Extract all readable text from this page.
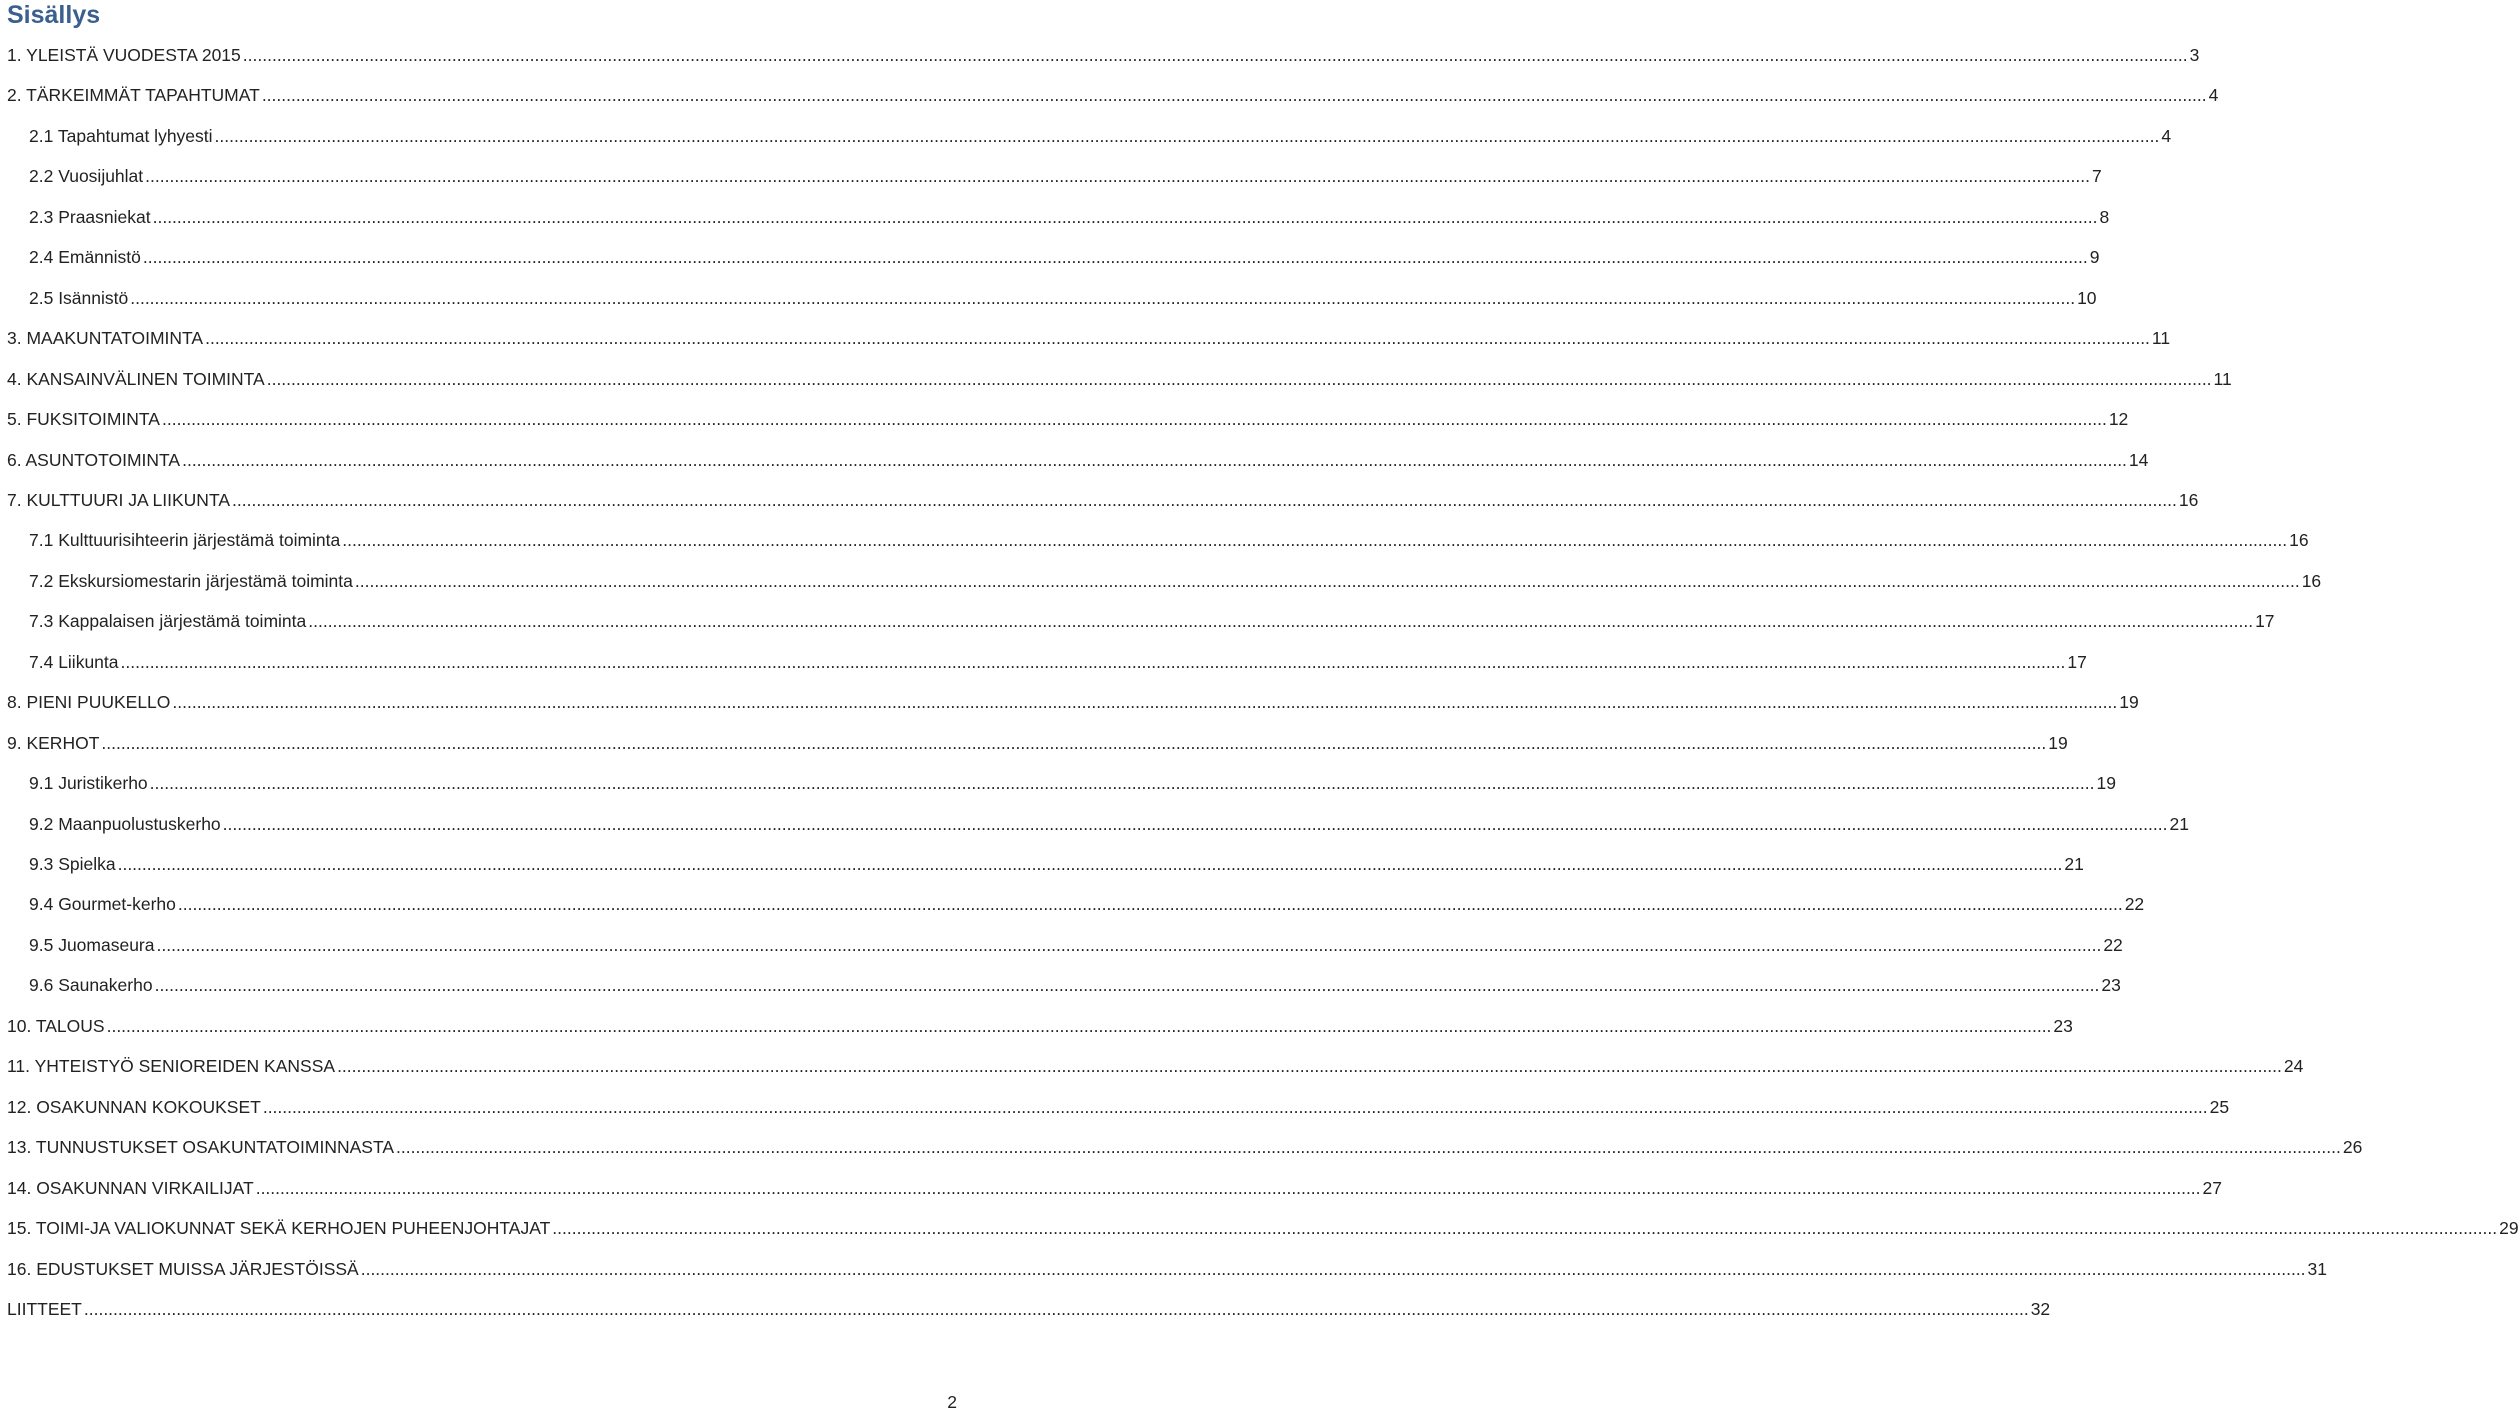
Sisällys
1. YLEISTÄ VUODESTA 2015 ................................................................................................................................................................................................................................................................................................................................................................................................................ 3
2. TÄRKEIMMÄT TAPAHTUMAT ................................................................................................................................................................................................................................................................................................................................................................................................................ 4
2.1 Tapahtumat lyhyesti ................................................................................................................................................................................................................................................................................................................................................................................................................ 4
2.2 Vuosijuhlat ................................................................................................................................................................................................................................................................................................................................................................................................................ 7
2.3 Praasniekat ................................................................................................................................................................................................................................................................................................................................................................................................................ 8
2.4 Emännistö ................................................................................................................................................................................................................................................................................................................................................................................................................ 9
2.5 Isännistö ................................................................................................................................................................................................................................................................................................................................................................................................................ 10
3. MAAKUNTATOIMINTA ................................................................................................................................................................................................................................................................................................................................................................................................................ 11
4. KANSAINVÄLINEN TOIMINTA ................................................................................................................................................................................................................................................................................................................................................................................................................ 11
5. FUKSITOIMINTA ................................................................................................................................................................................................................................................................................................................................................................................................................ 12
6. ASUNTOTOIMINTA ................................................................................................................................................................................................................................................................................................................................................................................................................ 14
7. KULTTUURI JA LIIKUNTA ................................................................................................................................................................................................................................................................................................................................................................................................................ 16
7.1 Kulttuurisihteerin järjestämä toiminta ................................................................................................................................................................................................................................................................................................................................................................................................................ 16
7.2 Ekskursiomestarin järjestämä toiminta ................................................................................................................................................................................................................................................................................................................................................................................................................ 16
7.3 Kappalaisen järjestämä toiminta ................................................................................................................................................................................................................................................................................................................................................................................................................ 17
7.4 Liikunta ................................................................................................................................................................................................................................................................................................................................................................................................................ 17
8. PIENI PUUKELLO ................................................................................................................................................................................................................................................................................................................................................................................................................ 19
9. KERHOT ................................................................................................................................................................................................................................................................................................................................................................................................................ 19
9.1 Juristikerho ................................................................................................................................................................................................................................................................................................................................................................................................................ 19
9.2 Maanpuolustuskerho ................................................................................................................................................................................................................................................................................................................................................................................................................ 21
9.3 Spielka ................................................................................................................................................................................................................................................................................................................................................................................................................ 21
9.4 Gourmet-kerho ................................................................................................................................................................................................................................................................................................................................................................................................................ 22
9.5 Juomaseura ................................................................................................................................................................................................................................................................................................................................................................................................................ 22
9.6 Saunakerho ................................................................................................................................................................................................................................................................................................................................................................................................................ 23
10. TALOUS ................................................................................................................................................................................................................................................................................................................................................................................................................ 23
11. YHTEISTYÖ SENIOREIDEN KANSSA ................................................................................................................................................................................................................................................................................................................................................................................................................ 24
12. OSAKUNNAN KOKOUKSET ................................................................................................................................................................................................................................................................................................................................................................................................................ 25
13. TUNNUSTUKSET OSAKUNTATOIMINNASTA ................................................................................................................................................................................................................................................................................................................................................................................................................ 26
14. OSAKUNNAN VIRKAILIJAT ................................................................................................................................................................................................................................................................................................................................................................................................................ 27
15. TOIMI-JA VALIOKUNNAT SEKÄ KERHOJEN PUHEENJOHTAJAT ................................................................................................................................................................................................................................................................................................................................................................................................................ 29
16. EDUSTUKSET MUISSA JÄRJESTÖISSÄ ................................................................................................................................................................................................................................................................................................................................................................................................................ 31
LIITTEET ................................................................................................................................................................................................................................................................................................................................................................................................................ 32
2
